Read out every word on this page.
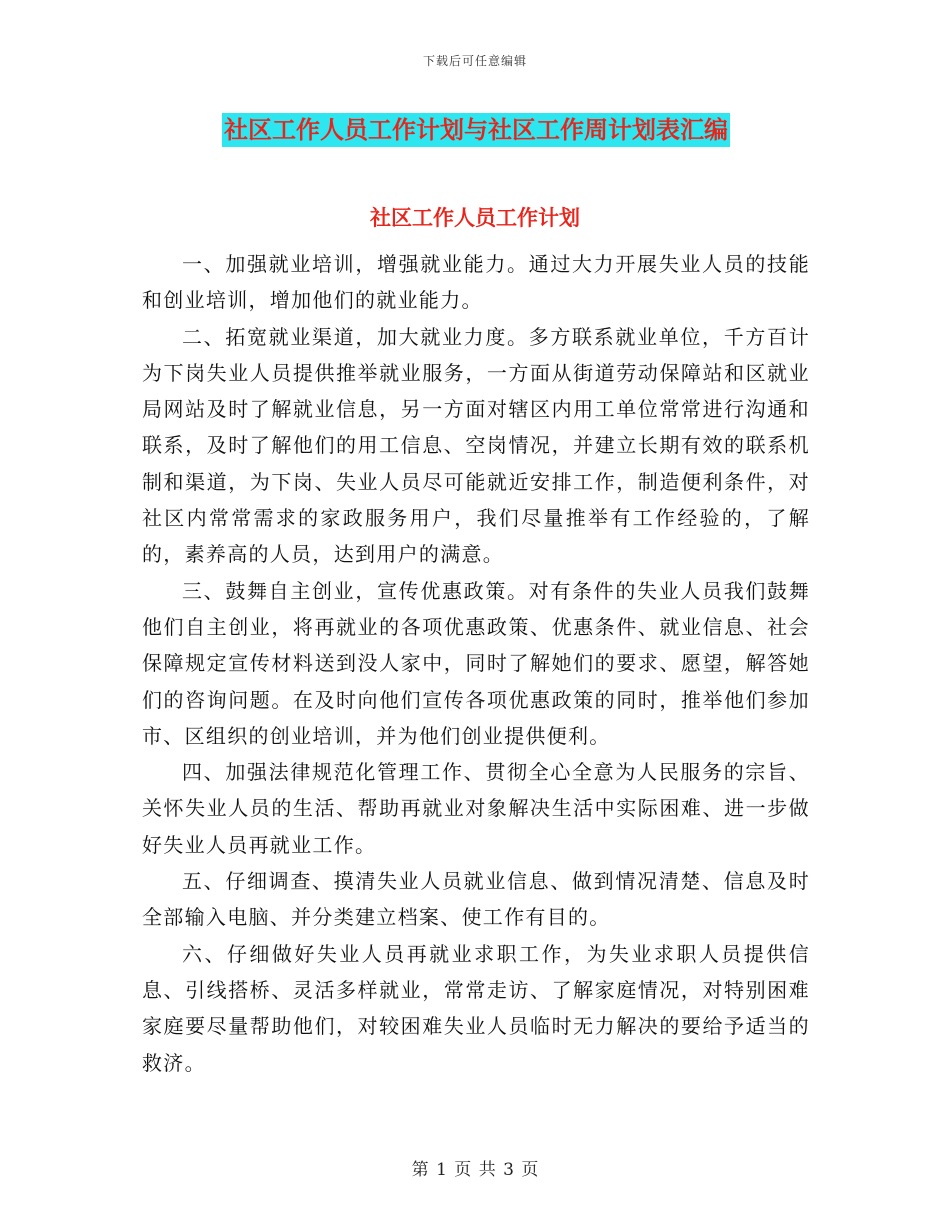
下载后可任意编辑
社区工作人员工作计划与社区工作周计划表汇编
社区工作人员工作计划

一、加强就业培训，增强就业能力。通过大力开展失业人员的技能和创业培训，增加他们的就业能力。

二、拓宽就业渠道，加大就业力度。多方联系就业单位，千方百计为下岗失业人员提供推举就业服务，一方面从街道劳动保障站和区就业局网站及时了解就业信息，另一方面对辖区内用工单位常常进行沟通和联系，及时了解他们的用工信息、空岗情况，并建立长期有效的联系机制和渠道，为下岗、失业人员尽可能就近安排工作，制造便利条件，对社区内常常需求的家政服务用户，我们尽量推举有工作经验的，了解的，素养高的人员，达到用户的满意。

三、鼓舞自主创业，宣传优惠政策。对有条件的失业人员我们鼓舞他们自主创业，将再就业的各项优惠政策、优惠条件、就业信息、社会保障规定宣传材料送到没人家中，同时了解她们的要求、愿望，解答她们的咨询问题。在及时向他们宣传各项优惠政策的同时，推举他们参加市、区组织的创业培训，并为他们创业提供便利。

四、加强法律规范化管理工作、贯彻全心全意为人民服务的宗旨、关怀失业人员的生活、帮助再就业对象解决生活中实际困难、进一步做好失业人员再就业工作。

五、仔细调查、摸清失业人员就业信息、做到情况清楚、信息及时全部输入电脑、并分类建立档案、使工作有目的。

六、仔细做好失业人员再就业求职工作，为失业求职人员提供信息、引线搭桥、灵活多样就业，常常走访、了解家庭情况，对特别困难家庭要尽量帮助他们，对较困难失业人员临时无力解决的要给予适当的救济。

第 1 页 共 3 页
